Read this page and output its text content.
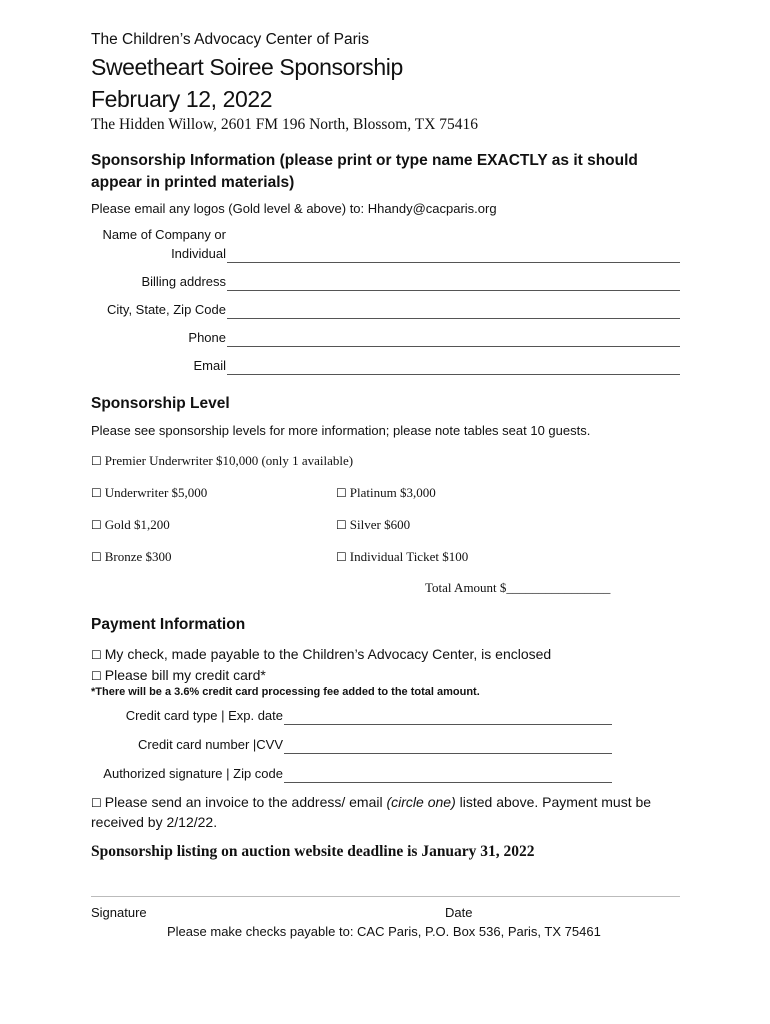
The Children’s Advocacy Center of Paris
Sweetheart Soiree Sponsorship
February 12, 2022
The Hidden Willow, 2601 FM 196 North, Blossom, TX 75416
Sponsorship Information (please print or type name EXACTLY as it should appear in printed materials)
Please email any logos (Gold level & above) to: Hhandy@cacparis.org
Name of Company or
Individual
Billing address
City, State, Zip Code
Phone
Email
Sponsorship Level
Please see sponsorship levels for more information; please note tables seat 10 guests.
☐ Premier Underwriter $10,000 (only 1 available)
☐ Underwriter $5,000	☐ Platinum $3,000
☐ Gold $1,200	☐ Silver $600
☐ Bronze $300	☐ Individual Ticket $100
Total Amount $________________
Payment Information
☐ My check, made payable to the Children’s Advocacy Center, is enclosed
☐ Please bill my credit card*
*There will be a 3.6% credit card processing fee added to the total amount.
Credit card type | Exp. date
Credit card number |CVV
Authorized signature | Zip code
☐ Please send an invoice to the address/ email (circle one) listed above. Payment must be received by 2/12/22.
Sponsorship listing on auction website deadline is January 31, 2022
Signature	Date
Please make checks payable to: CAC Paris, P.O. Box 536, Paris, TX 75461
